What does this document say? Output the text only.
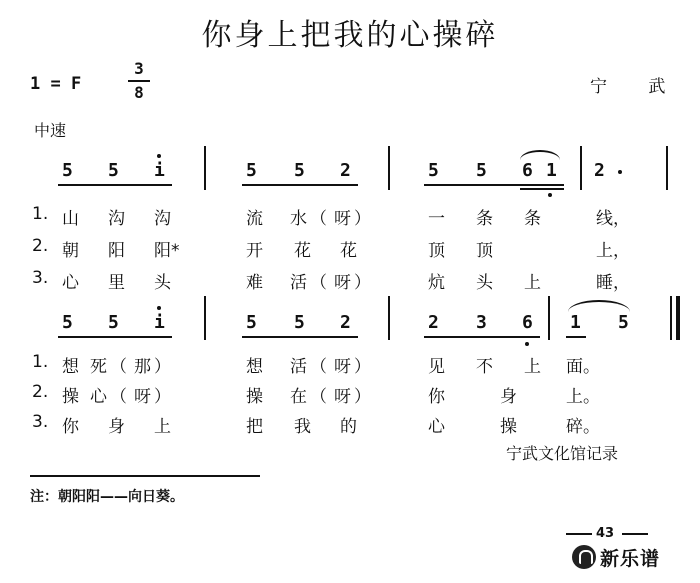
你身上把我的心操碎
1 = F
3
8	宁 武
中速
5 5 i	5 5 2	5 5 6 1 2
1. 山 沟 沟	流 水 （ 呀 ）	一 条 条	线，
2. 朝 阳 阳*	开 花 花	顶 顶	上，
3. 心 里 头	难 活 （ 呀 ）	炕 头 上	睡，
5 5 i	5 5 2	2 3 6 1 5
1. 想 死 （ 那 ）	想 活 （ 呀 ）	见 不 上 面。
2. 操 心 （ 呀 ）	操 在 （ 呀 ）	你	身	上。
3. 你 身 上	把 我 的	心	操	碎。
宁武文化馆记录
注：朝阳阳——向日葵。
43
新乐谱
